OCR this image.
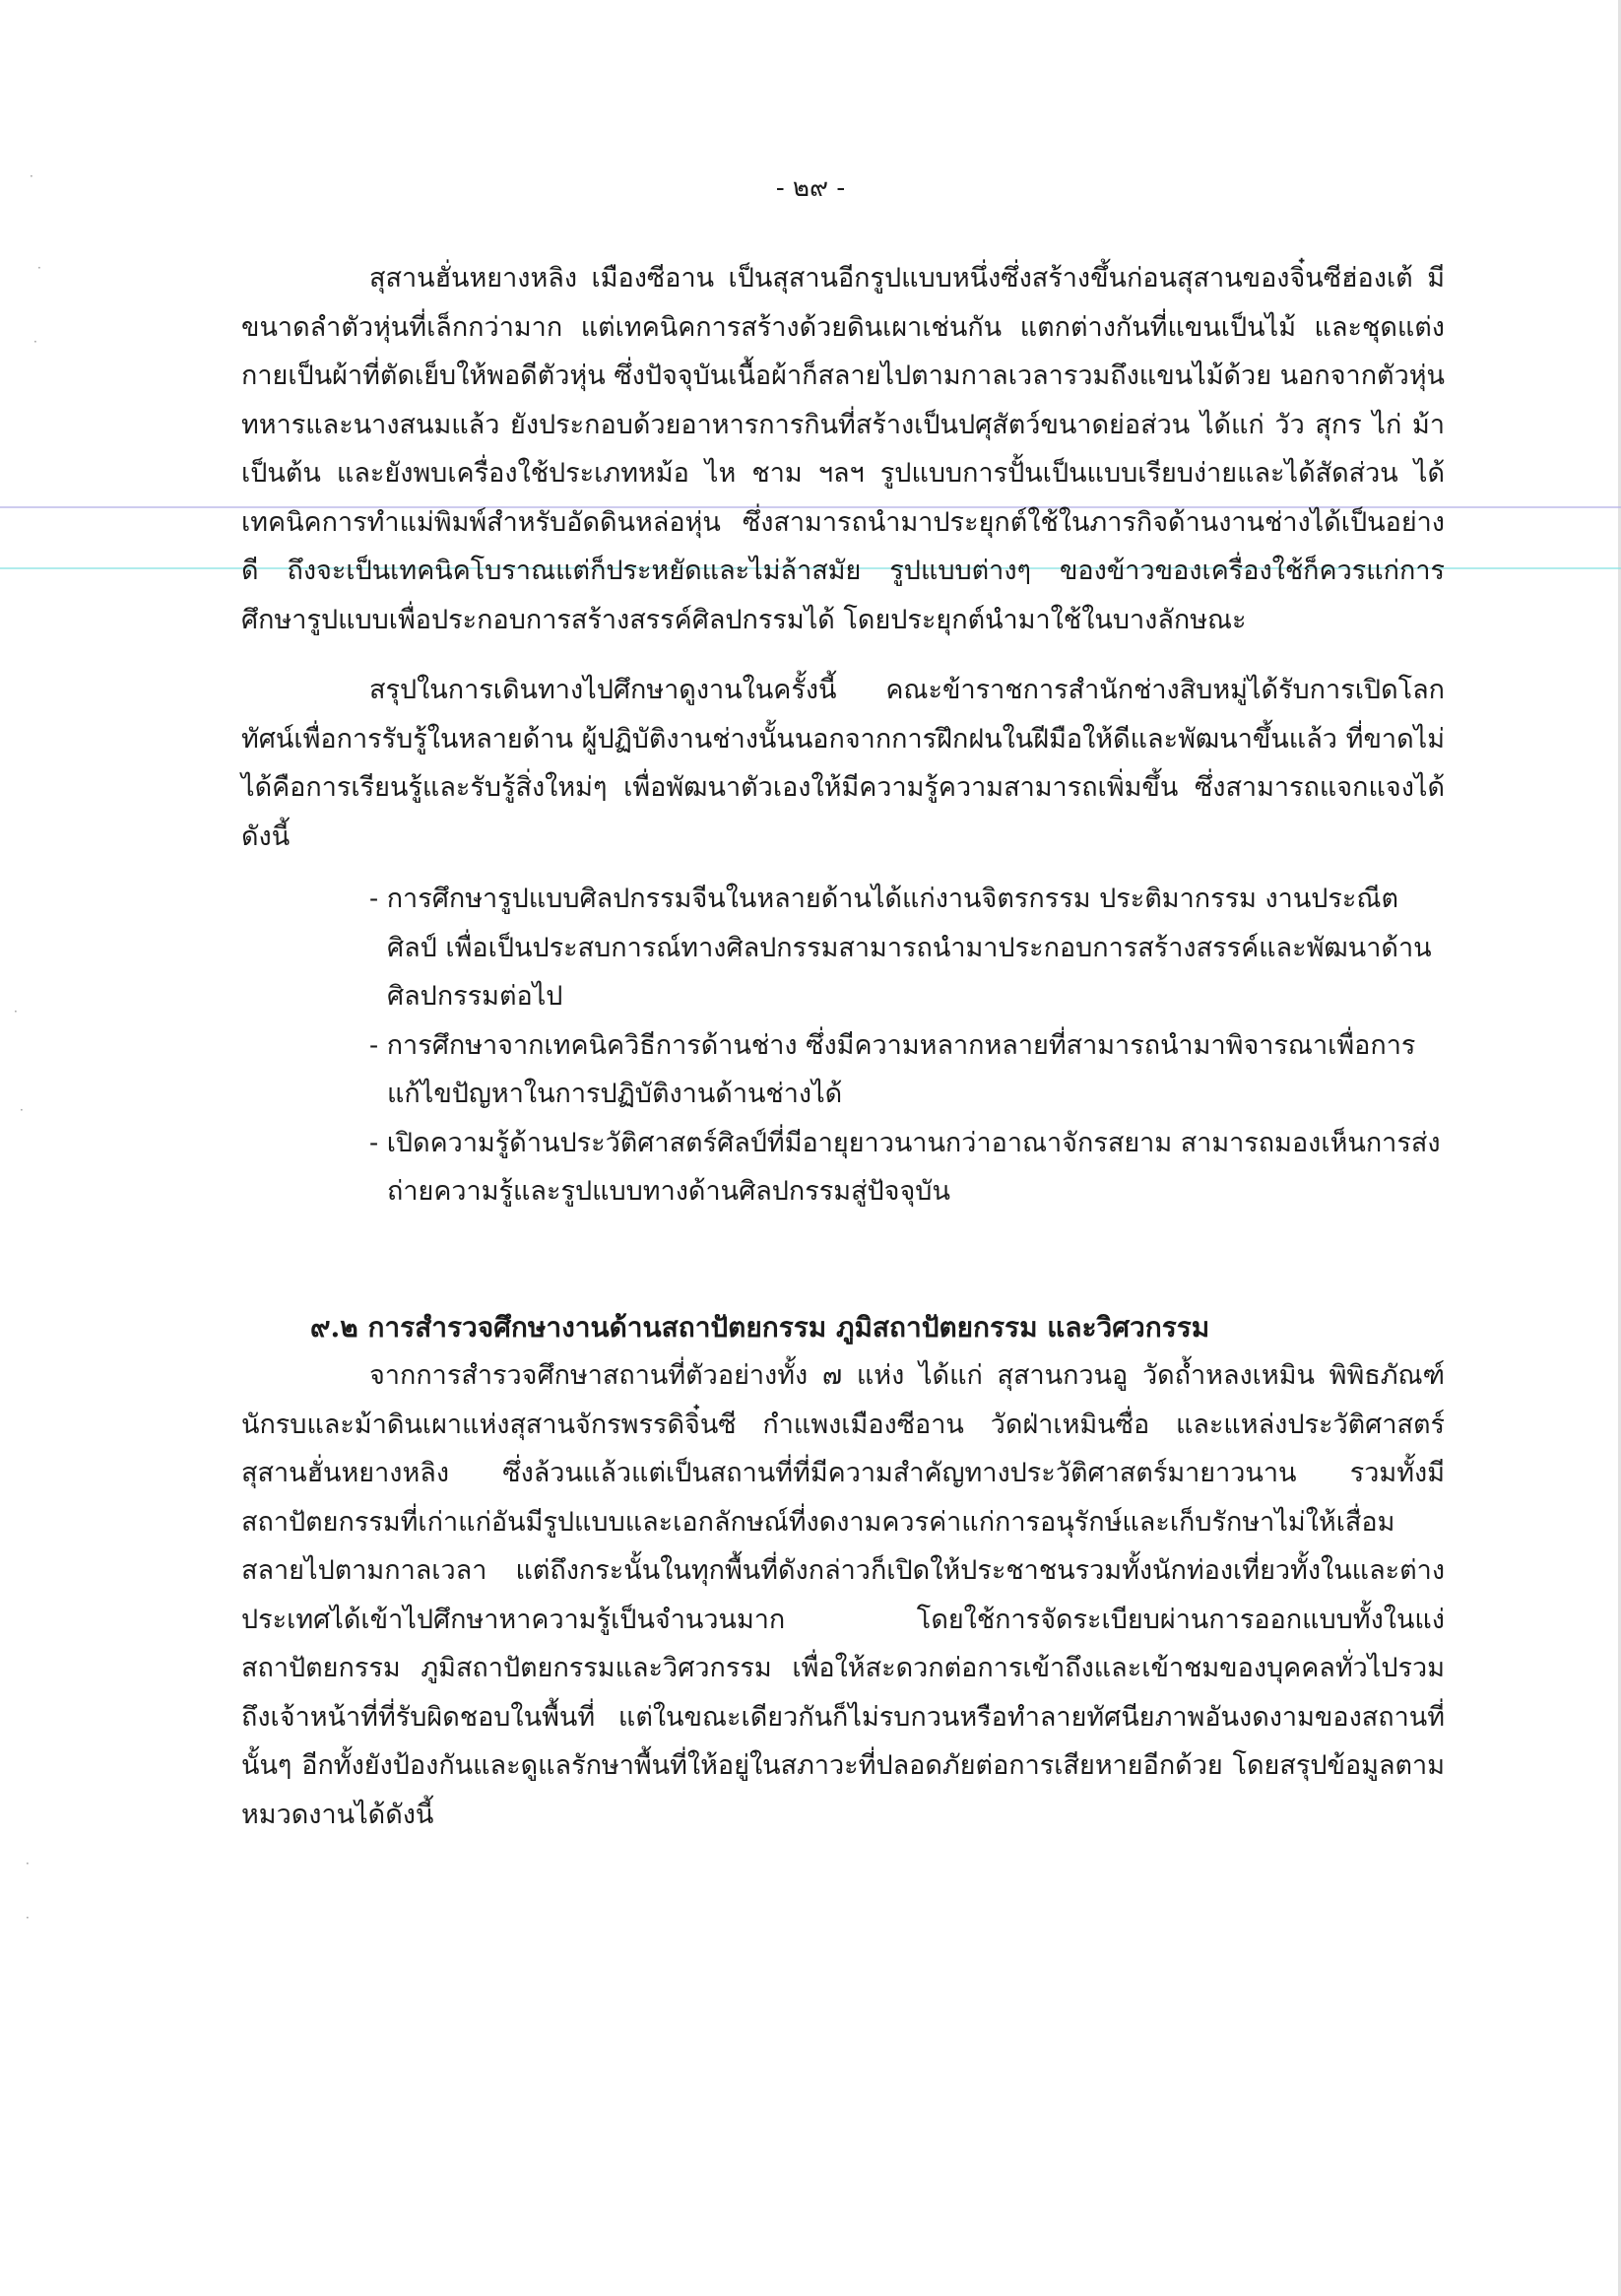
·
·
·
·
·
·
·
- ๒๙ -

สุสานฮั่นหยางหลิง เมืองซีอาน เป็นสุสานอีกรูปแบบหนึ่งซึ่งสร้างขึ้นก่อนสุสานของจิ๋นซีฮ่องเต้ มีขนาดลำตัวหุ่นที่เล็กกว่ามาก แต่เทคนิคการสร้างด้วยดินเผาเช่นกัน แตกต่างกันที่แขนเป็นไม้ และชุดแต่งกายเป็นผ้าที่ตัดเย็บให้พอดีตัวหุ่น ซึ่งปัจจุบันเนื้อผ้าก็สลายไปตามกาลเวลารวมถึงแขนไม้ด้วย นอกจากตัวหุ่นทหารและนางสนมแล้ว ยังประกอบด้วยอาหารการกินที่สร้างเป็นปศุสัตว์ขนาดย่อส่วน ได้แก่ วัว สุกร ไก่ ม้า เป็นต้น และยังพบเครื่องใช้ประเภทหม้อ ไห ชาม ฯลฯ รูปแบบการปั้นเป็นแบบเรียบง่ายและได้สัดส่วน ได้เทคนิคการทำแม่พิมพ์สำหรับอัดดินหล่อหุ่น ซึ่งสามารถนำมาประยุกต์ใช้ในภารกิจด้านงานช่างได้เป็นอย่างดี ถึงจะเป็นเทคนิคโบราณแต่ก็ประหยัดและไม่ล้าสมัย รูปแบบต่างๆ ของข้าวของเครื่องใช้ก็ควรแก่การศึกษารูปแบบเพื่อประกอบการสร้างสรรค์ศิลปกรรมได้ โดยประยุกต์นำมาใช้ในบางลักษณะ

สรุปในการเดินทางไปศึกษาดูงานในครั้งนี้ คณะข้าราชการสำนักช่างสิบหมู่ได้รับการเปิดโลกทัศน์เพื่อการรับรู้ในหลายด้าน ผู้ปฏิบัติงานช่างนั้นนอกจากการฝึกฝนในฝีมือให้ดีและพัฒนาขึ้นแล้ว ที่ขาดไม่ได้คือการเรียนรู้และรับรู้สิ่งใหม่ๆ เพื่อพัฒนาตัวเองให้มีความรู้ความสามารถเพิ่มขึ้น ซึ่งสามารถแจกแจงได้ดังนี้

- การศึกษารูปแบบศิลปกรรมจีนในหลายด้านได้แก่งานจิตรกรรม ประติมากรรม งานประณีตศิลป์ เพื่อเป็นประสบการณ์ทางศิลปกรรมสามารถนำมาประกอบการสร้างสรรค์และพัฒนาด้านศิลปกรรมต่อไป
- การศึกษาจากเทคนิควิธีการด้านช่าง ซึ่งมีความหลากหลายที่สามารถนำมาพิจารณาเพื่อการแก้ไขปัญหาในการปฏิบัติงานด้านช่างได้
- เปิดความรู้ด้านประวัติศาสตร์ศิลป์ที่มีอายุยาวนานกว่าอาณาจักรสยาม สามารถมองเห็นการส่งถ่ายความรู้และรูปแบบทางด้านศิลปกรรมสู่ปัจจุบัน
๙.๒ การสำรวจศึกษางานด้านสถาปัตยกรรม ภูมิสถาปัตยกรรม และวิศวกรรม

จากการสำรวจศึกษาสถานที่ตัวอย่างทั้ง ๗ แห่ง ได้แก่ สุสานกวนอู วัดถ้ำหลงเหมิน พิพิธภัณฑ์นักรบและม้าดินเผาแห่งสุสานจักรพรรดิจิ๋นซี กำแพงเมืองซีอาน วัดฝ่าเหมินซื่อ และแหล่งประวัติศาสตร์สุสานฮั่นหยางหลิง ซึ่งล้วนแล้วแต่เป็นสถานที่ที่มีความสำคัญทางประวัติศาสตร์มายาวนาน รวมทั้งมีสถาปัตยกรรมที่เก่าแก่อันมีรูปแบบและเอกลักษณ์ที่งดงามควรค่าแก่การอนุรักษ์และเก็บรักษาไม่ให้เสื่อมสลายไปตามกาลเวลา แต่ถึงกระนั้นในทุกพื้นที่ดังกล่าวก็เปิดให้ประชาชนรวมทั้งนักท่องเที่ยวทั้งในและต่างประเทศได้เข้าไปศึกษาหาความรู้เป็นจำนวนมาก โดยใช้การจัดระเบียบผ่านการออกแบบทั้งในแง่สถาปัตยกรรม ภูมิสถาปัตยกรรมและวิศวกรรม เพื่อให้สะดวกต่อการเข้าถึงและเข้าชมของบุคคลทั่วไปรวมถึงเจ้าหน้าที่ที่รับผิดชอบในพื้นที่ แต่ในขณะเดียวกันก็ไม่รบกวนหรือทำลายทัศนียภาพอันงดงามของสถานที่นั้นๆ อีกทั้งยังป้องกันและดูแลรักษาพื้นที่ให้อยู่ในสภาวะที่ปลอดภัยต่อการเสียหายอีกด้วย โดยสรุปข้อมูลตามหมวดงานได้ดังนี้
